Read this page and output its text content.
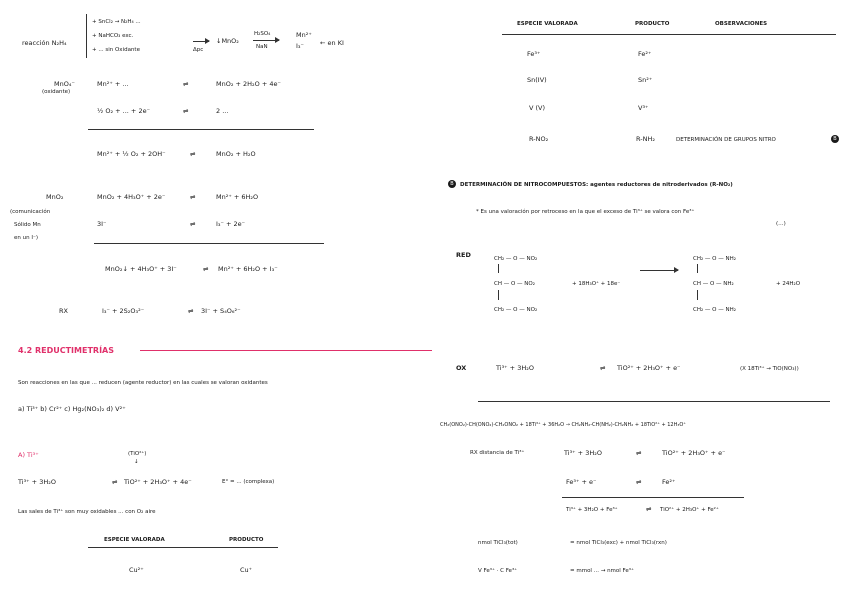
reacción N₂H₄
+ SnCl₂ → N₂H₄ ...
+ NaHCO₃ exc.
+ ... sin Oxidante	Δpc
↓MnO₂
H₂SO₄
NaN
Mn²⁺
I₃⁻ ← en KI
MnO₄⁻
(oxidante)
Mn²⁺ + ...	⇌	MnO₂ + 2H₂O + 4e⁻
½ O₂ + ... + 2e⁻	⇌	2 ...
Mn²⁺ + ½ O₂ + 2OH⁻	⇌	MnO₂ + H₂O
MnO₂
(comunicación
Sólido Mn
en un I⁻)
MnO₂ + 4H₃O⁺ + 2e⁻	⇌	Mn²⁺ + 6H₂O
3I⁻	⇌	I₃⁻ + 2e⁻
MnO₂↓ + 4H₃O⁺ + 3I⁻	⇌ Mn²⁺ + 6H₂O + I₃⁻
RX	I₃⁻ + 2S₂O₃²⁻	⇌ 3I⁻ + S₄O₆²⁻
4.2 REDUCTIMETRÍAS
Son reacciones en las que ... reducen (agente reductor) en las cuales se valoran oxidantes
a) Ti³⁺ b) Cr²⁺ c) Hg₂(NO₃)₂ d) V²⁺
A) Ti³⁺	(TiO²⁺)
↓
Ti³⁺ + 3H₂O	⇌ TiO²⁺ + 2H₃O⁺ + 4e⁻	E° = ... (complexa)
Las sales de Ti³⁺ son muy oxidables ... con O₂ aire
ESPECIE VALORADA	PRODUCTO
Cu²⁺	Cu⁺
ESPECIE VALORADA	PRODUCTO	OBSERVACIONES
Fe³⁺	Fe²⁺
Sn(IV)	Sn²⁺
V (V)	V³⁺
R-NO₂	R-NH₂	DETERMINACIÓN DE GRUPOS NITRO	B
B	DETERMINACIÓN DE NITROCOMPUESTOS: agentes reductores de nitroderivados (R-NO₂)
* Es una valoración por retroceso en la que el exceso de Ti³⁺ se valora con Fe³⁺
(…)
RED	CH₂ — O — NO₂
CH — O — NO₂
CH₂ — O — NO₂
+ 18H₃O⁺ + 18e⁻
CH₂ — O — NH₂
CH — O — NH₂
CH₂ — O — NH₂
+ 24H₂O
OX	Ti³⁺ + 3H₂O	⇌ TiO²⁺ + 2H₃O⁺ + e⁻	(X 18Ti³⁺ → TiO(NO₃))
CH₂(ONO₂)-CH(ONO₂)-CH₂ONO₂ + 18Ti³⁺ + 36H₂O → CH₂NH₂-CH(NH₂)-CH₂NH₂ + 18TiO²⁺ + 12H₃O⁺
RX distancia de Ti³⁺	Ti³⁺ + 3H₂O	⇌	TiO²⁺ + 2H₃O⁺ + e⁻
Fe³⁺ + e⁻	⇌	Fe²⁺
Ti³⁺ + 3H₂O + Fe³⁺	⇌ TiO²⁺ + 2H₃O⁺ + Fe²⁺
nmol TiCl₃(tot)	= nmol TiCl₃(exc) + nmol TiCl₃(rxn)
V Fe³⁺ · C Fe³⁺	= mmol ... → nmol Fe³⁺
